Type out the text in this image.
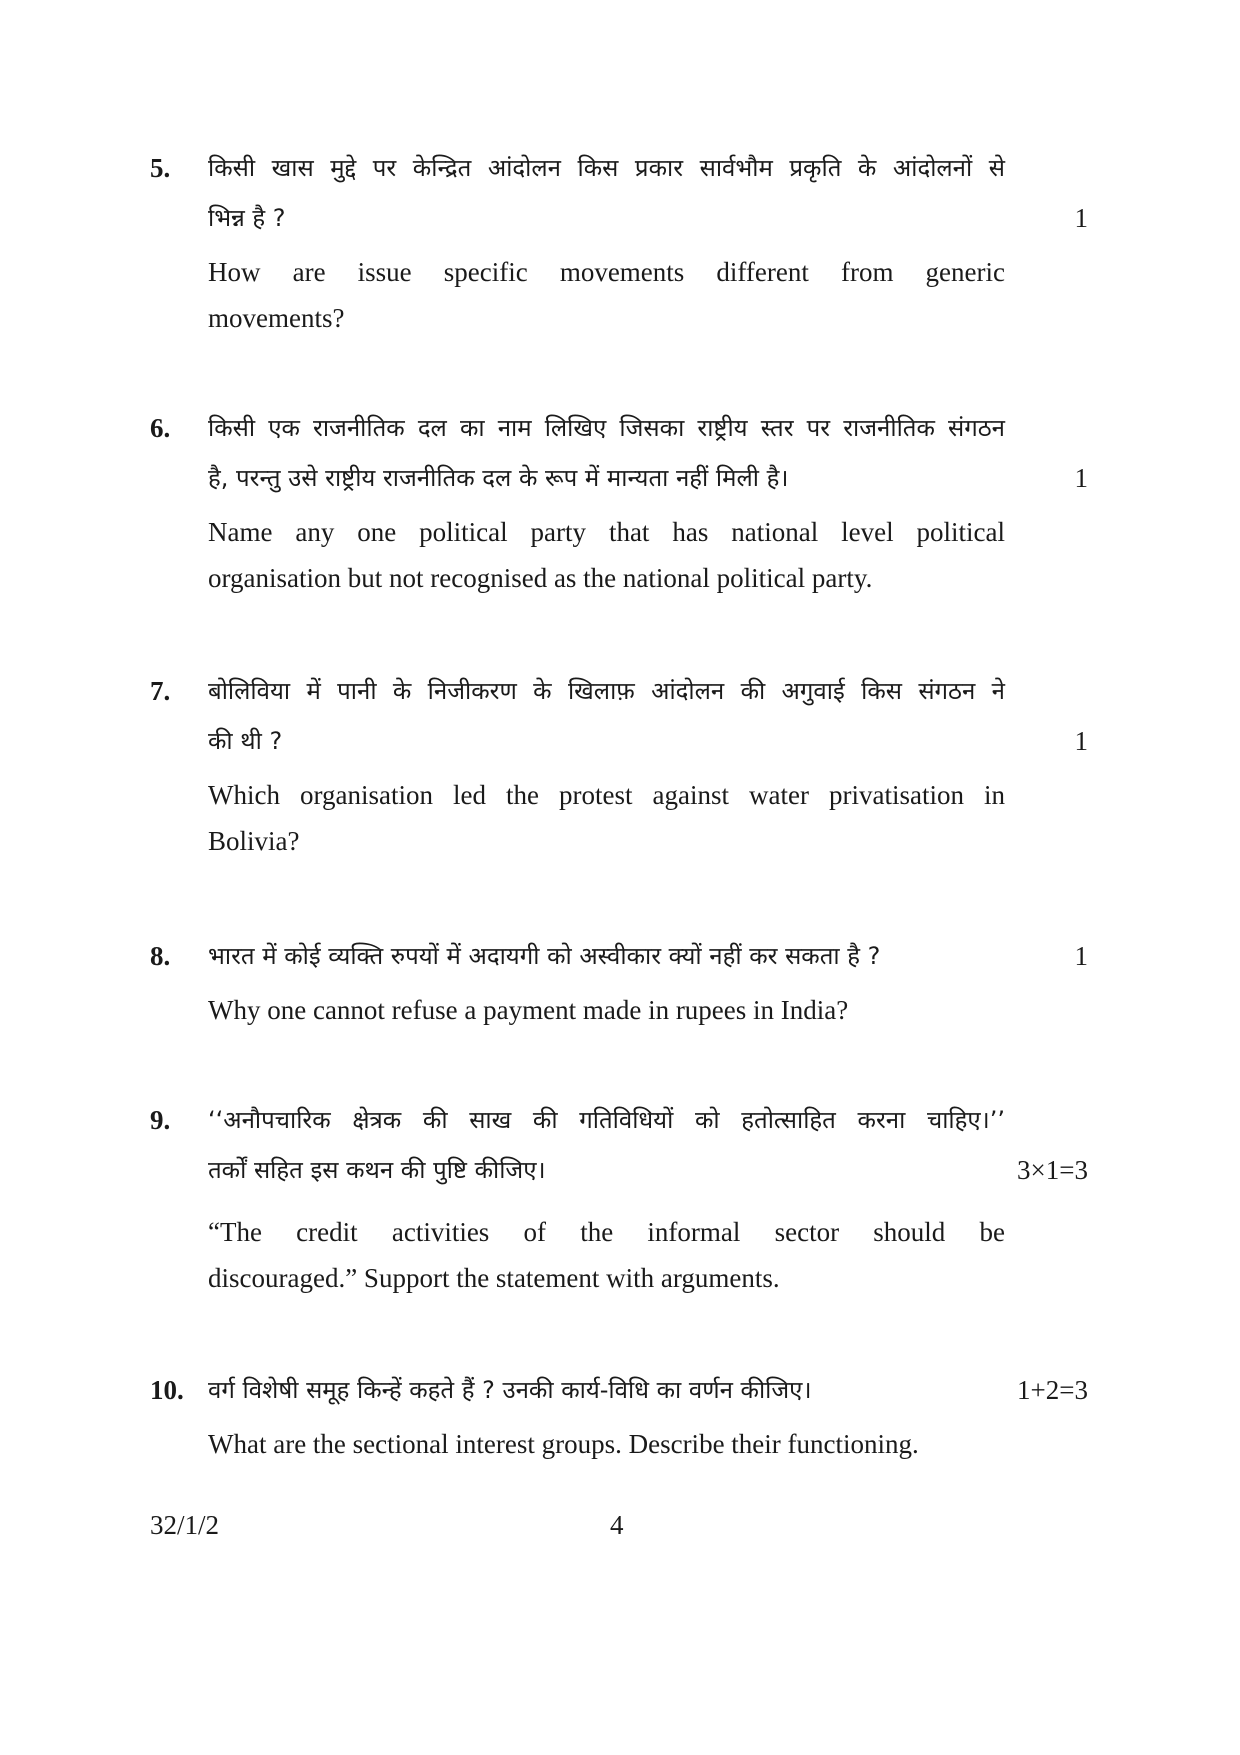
5. किसी खास मुद्दे पर केन्द्रित आंदोलन किस प्रकार सार्वभौम प्रकृति के आंदोलनों से
भिन्न है ?
How are issue specific movements different from generic
movements?
1
6. किसी एक राजनीतिक दल का नाम लिखिए जिसका राष्ट्रीय स्तर पर राजनीतिक संगठन
है, परन्तु उसे राष्ट्रीय राजनीतिक दल के रूप में मान्यता नहीं मिली है।
Name any one political party that has national level political
organisation but not recognised as the national political party.
1
7. बोलिविया में पानी के निजीकरण के खिलाफ़ आंदोलन की अगुवाई किस संगठन ने
की थी ?
Which organisation led the protest against water privatisation in
Bolivia?
1
8. भारत में कोई व्यक्ति रुपयों में अदायगी को अस्वीकार क्यों नहीं कर सकता है ?
Why one cannot refuse a payment made in rupees in India?
1
9. ‘‘अनौपचारिक क्षेत्रक की साख की गतिविधियों को हतोत्साहित करना चाहिए।’’
तर्कों सहित इस कथन की पुष्टि कीजिए।
“The credit activities of the informal sector should be
discouraged.” Support the statement with arguments.
3×1=3
10. वर्ग विशेषी समूह किन्हें कहते हैं ? उनकी कार्य-विधि का वर्णन कीजिए।
What are the sectional interest groups. Describe their functioning.
1+2=3
32/1/2	4
